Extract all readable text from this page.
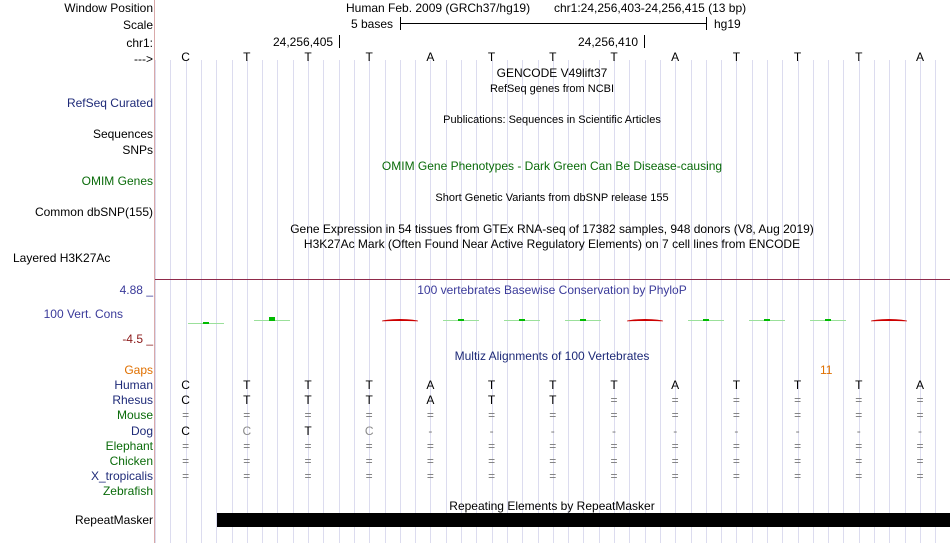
Window Position	Human Feb. 2009 (GRCh37/hg19) chr1:24,256,403-24,256,415 (13 bp)
Scale	5 bases	hg19
chr1:	24,256,405	24,256,410
---> C	T	T	T	A	T	T	T	A	T	T	T	A
GENCODE V49lift37
RefSeq genes from NCBI
Publications: Sequences in Scientific Articles
OMIM Gene Phenotypes - Dark Green Can Be Disease-causing
Short Genetic Variants from dbSNP release 155
Gene Expression in 54 tissues from GTEx RNA-seq of 17382 samples, 948 donors (V8, Aug 2019)
H3K27Ac Mark (Often Found Near Active Regulatory Elements) on 7 cell lines from ENCODE
RefSeq Curated
Sequences
SNPs
OMIM Genes
Common dbSNP(155)
Layered H3K27Ac
4.88 _
100 Vert. Cons
-4.5 _
100 vertebrates Basewise Conservation by PhyloP
Multiz Alignments of 100 Vertebrates
Gaps	11
Human C	T	T	T	A	T	T	T	A	T	T	T	A
Rhesus C	T	T	T	A	T	T	=	=	=	=	=	=
Mouse =	=	=	=	=	=	=	=	=	=	=	=	=
Dog C	C	T	C	-	-	-	-	-	-	-	-	-
Elephant =	=	=	=	=	=	=	=	=	=	=	=	=
Chicken =	=	=	=	=	=	=	=	=	=	=	=	=
X_tropicalis =	=	=	=	=	=	=	=	=	=	=	=	=
Zebrafish
Repeating Elements by RepeatMasker
RepeatMasker
